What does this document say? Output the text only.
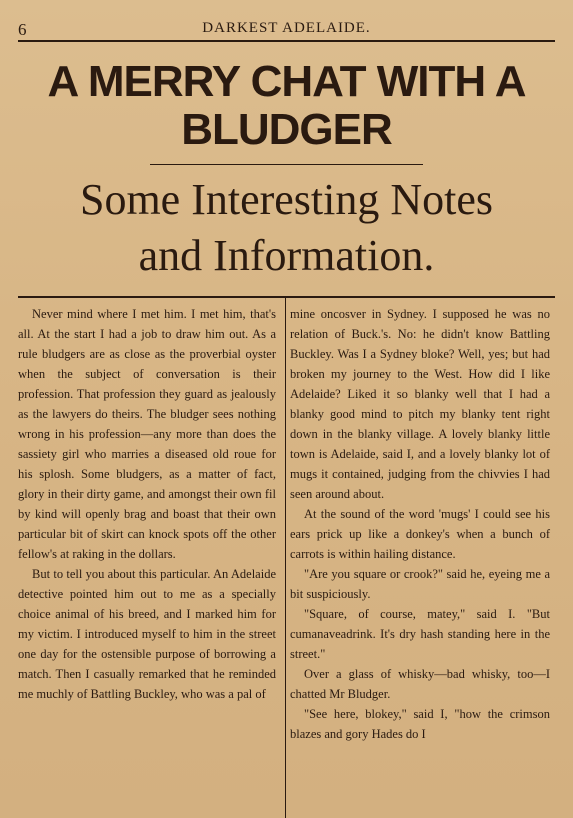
6	DARKEST ADELAIDE.
A MERRY CHAT WITH A
BLUDGER
Some Interesting Notes
and Information.

Never mind where I met him. I met him, that's all. At the start I had a job to draw him out. As a rule bludgers are as close as the proverbial oyster when the subject of conversation is their profession. That profession they guard as jealously as the lawyers do theirs. The bludger sees nothing wrong in his profession—any more than does the sassiety girl who marries a diseased old roue for his splosh. Some bludgers, as a matter of fact, glory in their dirty game, and amongst their own fil by kind will openly brag and boast that their own particular bit of skirt can knock spots off the other fellow's at raking in the dollars.

But to tell you about this particular. An Adelaide detective pointed him out to me as a specially choice animal of his breed, and I marked him for my victim. I introduced myself to him in the street one day for the ostensible purpose of borrowing a match. Then I casually remarked that he reminded me muchly of Battling Buckley, who was a pal of

mine oncosver in Sydney. I supposed he was no relation of Buck.'s. No: he didn't know Battling Buckley. Was I a Sydney bloke? Well, yes; but had broken my journey to the West. How did I like Adelaide? Liked it so blanky well that I had a blanky good mind to pitch my blanky tent right down in the blanky village. A lovely blanky little town is Adelaide, said I, and a lovely blanky lot of mugs it contained, judging from the chivvies I had seen around about.

At the sound of the word 'mugs' I could see his ears prick up like a donkey's when a bunch of carrots is within hailing distance.

"Are you square or crook?" said he, eyeing me a bit suspiciously.

"Square, of course, matey," said I. "But cumanaveadrink. It's dry hash standing here in the street."

Over a glass of whisky—bad whisky, too—I chatted Mr Bludger.

"See here, blokey," said I, "how the crimson blazes and gory Hades do I
